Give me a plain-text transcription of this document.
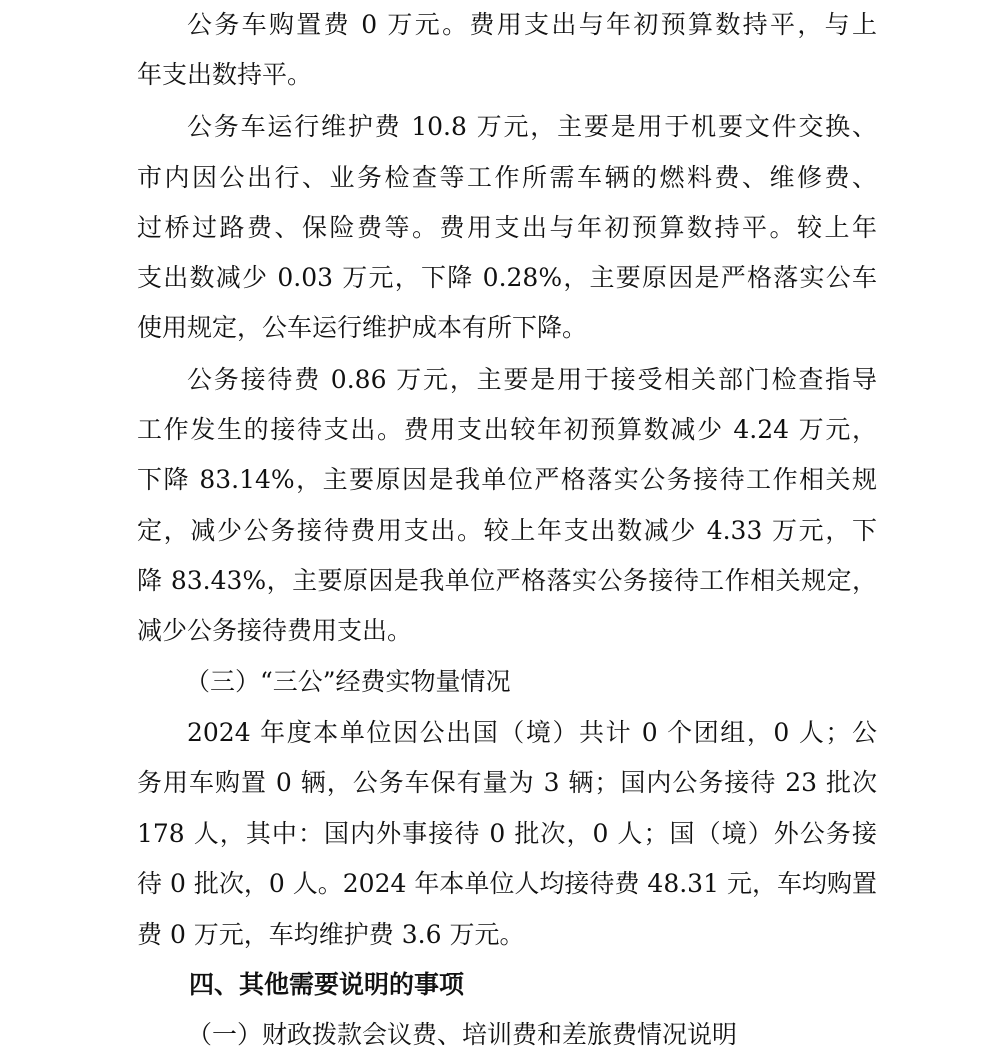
公务车购置费 0 万元。费用支出与年初预算数持平，与上
年支出数持平。
公务车运行维护费 10.8 万元，主要是用于机要文件交换、
市内因公出行、业务检查等工作所需车辆的燃料费、维修费、
过桥过路费、保险费等。费用支出与年初预算数持平。较上年
支出数减少 0.03 万元，下降 0.28%，主要原因是严格落实公车
使用规定，公车运行维护成本有所下降。
公务接待费 0.86 万元，主要是用于接受相关部门检查指导
工作发生的接待支出。费用支出较年初预算数减少 4.24 万元，
下降 83.14%，主要原因是我单位严格落实公务接待工作相关规
定，减少公务接待费用支出。较上年支出数减少 4.33 万元，下
降 83.43%，主要原因是我单位严格落实公务接待工作相关规定，
减少公务接待费用支出。
（三）“三公”经费实物量情况
2024 年度本单位因公出国（境）共计 0 个团组，0 人；公
务用车购置 0 辆，公务车保有量为 3 辆；国内公务接待 23 批次
178 人，其中：国内外事接待 0 批次，0 人；国（境）外公务接
待 0 批次，0 人。2024 年本单位人均接待费 48.31 元，车均购置
费 0 万元，车均维护费 3.6 万元。
四、其他需要说明的事项
（一）财政拨款会议费、培训费和差旅费情况说明
